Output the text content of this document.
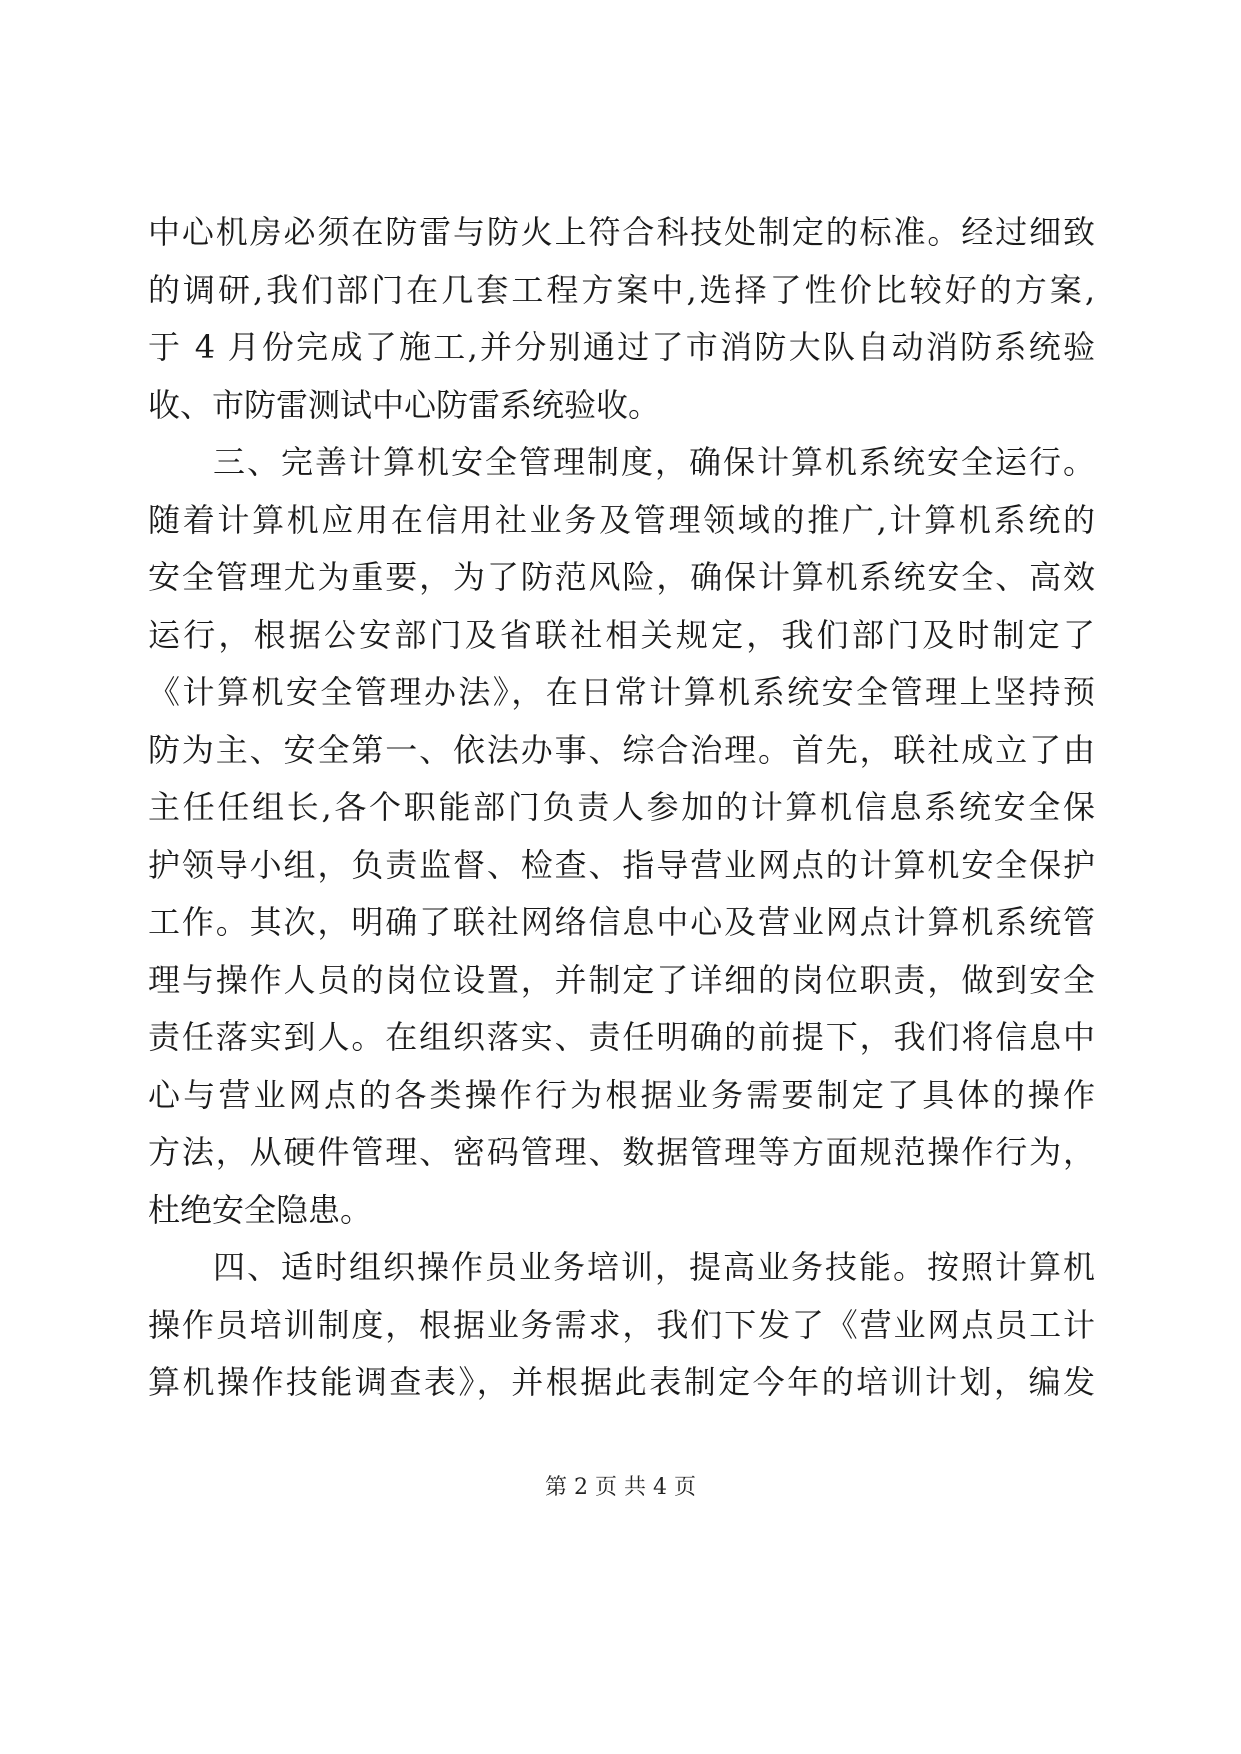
中心机房必须在防雷与防火上符合科技处制定的标准。经过细致
的调研,我们部门在几套工程方案中,选择了性价比较好的方案,
于 4 月份完成了施工,并分别通过了市消防大队自动消防系统验
收、市防雷测试中心防雷系统验收。
三、完善计算机安全管理制度，确保计算机系统安全运行。
随着计算机应用在信用社业务及管理领域的推广,计算机系统的
安全管理尤为重要，为了防范风险，确保计算机系统安全、高效
运行，根据公安部门及省联社相关规定，我们部门及时制定了
《计算机安全管理办法》，在日常计算机系统安全管理上坚持预
防为主、安全第一、依法办事、综合治理。首先，联社成立了由
主任任组长,各个职能部门负责人参加的计算机信息系统安全保
护领导小组，负责监督、检查、指导营业网点的计算机安全保护
工作。其次，明确了联社网络信息中心及营业网点计算机系统管
理与操作人员的岗位设置，并制定了详细的岗位职责，做到安全
责任落实到人。在组织落实、责任明确的前提下，我们将信息中
心与营业网点的各类操作行为根据业务需要制定了具体的操作
方法，从硬件管理、密码管理、数据管理等方面规范操作行为，
杜绝安全隐患。
四、适时组织操作员业务培训，提高业务技能。按照计算机
操作员培训制度，根据业务需求，我们下发了《营业网点员工计
算机操作技能调查表》，并根据此表制定今年的培训计划，编发
第 2 页 共 4 页
